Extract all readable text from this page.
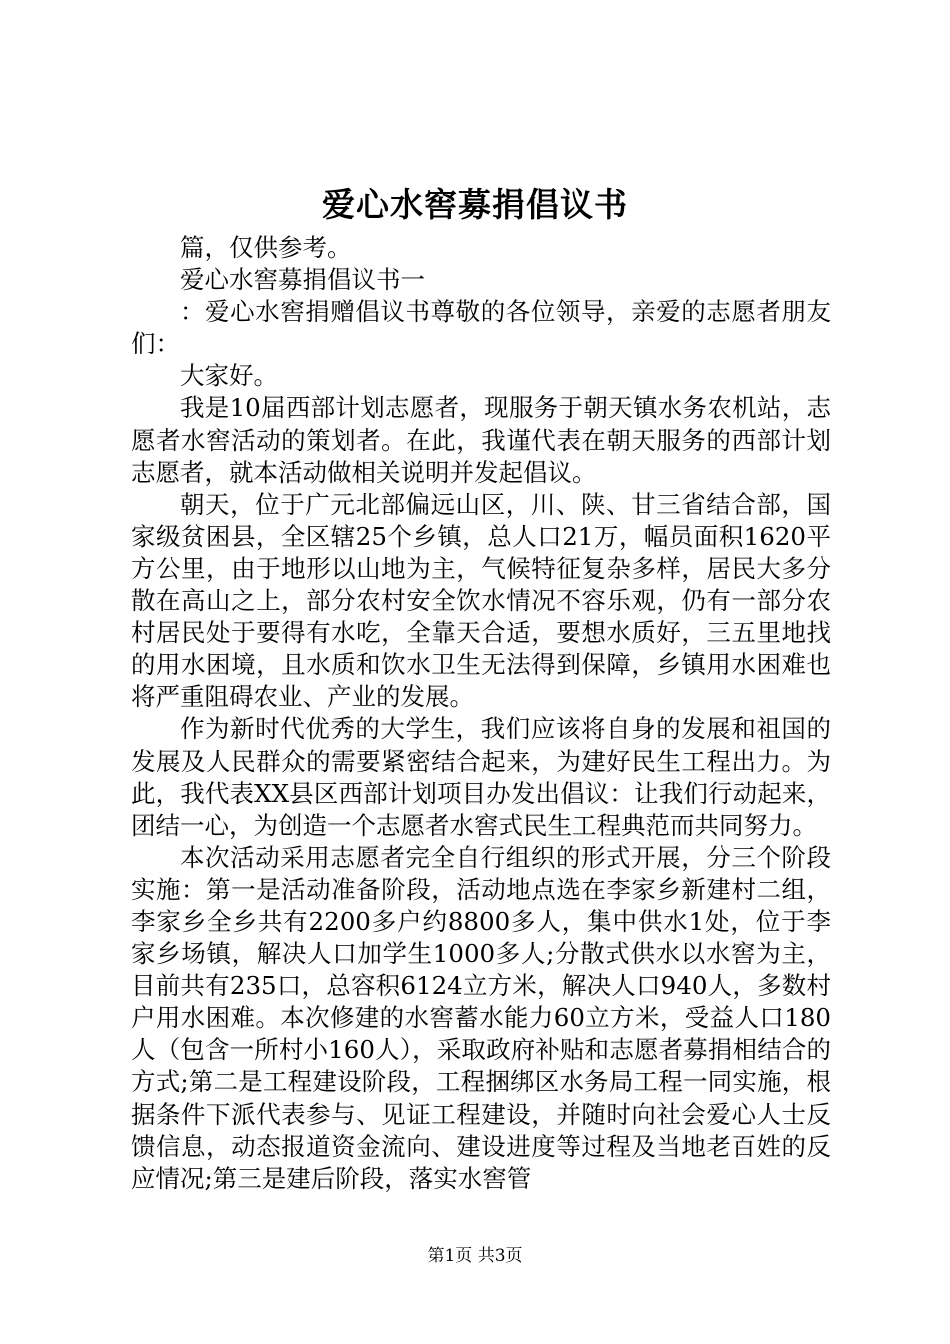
爱心水窖募捐倡议书

篇，仅供参考。

爱心水窖募捐倡议书一

：爱心水窖捐赠倡议书尊敬的各位领导，亲爱的志愿者朋友们：

大家好。

我是10届西部计划志愿者，现服务于朝天镇水务农机站，志愿者水窖活动的策划者。在此，我谨代表在朝天服务的西部计划志愿者，就本活动做相关说明并发起倡议。

朝天，位于广元北部偏远山区，川、陕、甘三省结合部，国家级贫困县，全区辖25个乡镇，总人口21万，幅员面积1620平方公里，由于地形以山地为主，气候特征复杂多样，居民大多分散在高山之上，部分农村安全饮水情况不容乐观，仍有一部分农村居民处于要得有水吃，全靠天合适，要想水质好，三五里地找的用水困境，且水质和饮水卫生无法得到保障，乡镇用水困难也将严重阻碍农业、产业的发展。

作为新时代优秀的大学生，我们应该将自身的发展和祖国的发展及人民群众的需要紧密结合起来，为建好民生工程出力。为此，我代表XX县区西部计划项目办发出倡议：让我们行动起来，团结一心，为创造一个志愿者水窖式民生工程典范而共同努力。

本次活动采用志愿者完全自行组织的形式开展，分三个阶段实施：第一是活动准备阶段，活动地点选在李家乡新建村二组，李家乡全乡共有2200多户约8800多人，集中供水1处，位于李家乡场镇，解决人口加学生1000多人;分散式供水以水窖为主，目前共有235口，总容积6124立方米，解决人口940人，多数村户用水困难。本次修建的水窖蓄水能力60立方米，受益人口180人（包含一所村小160人），采取政府补贴和志愿者募捐相结合的方式;第二是工程建设阶段，工程捆绑区水务局工程一同实施，根据条件下派代表参与、见证工程建设，并随时向社会爱心人士反馈信息，动态报道资金流向、建设进度等过程及当地老百姓的反应情况;第三是建后阶段，落实水窖管

第1页 共3页
